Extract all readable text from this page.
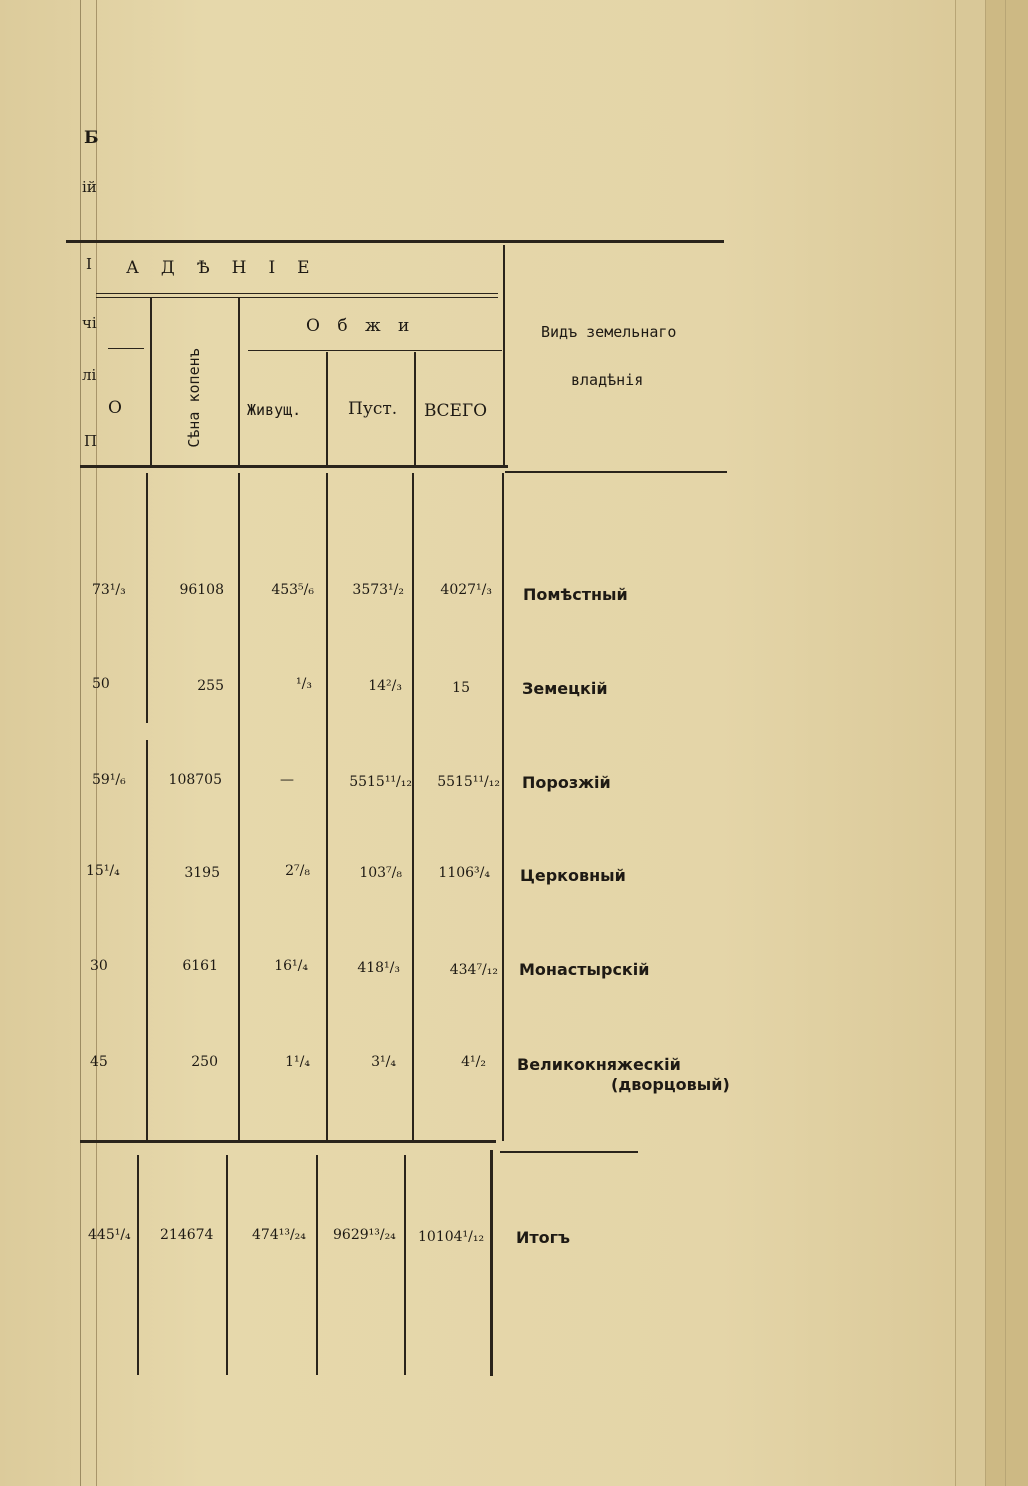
Б
ій
І
чі
лі
П
АДѢНІЕ
О б ж и
О	Сѣна копенъ	Живущ.	Пуст. ВСЕГО
Видъ земельнаго
владѣнія
73¹/₃	96108	453⁵/₆	3573¹/₂	4027¹/₃ Помѣстный
50	255	¹/₃	14²/₃	15	Земецкій
59¹/₆	108705	—	5515¹¹/₁₂	5515¹¹/₁₂ Порозжій
15¹/₄	3195	2⁷/₈	103⁷/₈	1106³/₄ Церковный
30	6161	16¹/₄	418¹/₃	434⁷/₁₂ Монастырскій
45	250	1¹/₄	3¹/₄	4¹/₂ Великокняжескій
(дворцовый)
445¹/₄ 214674	474¹³/₂₄ 9629¹³/₂₄ 10104¹/₁₂ Итогъ
